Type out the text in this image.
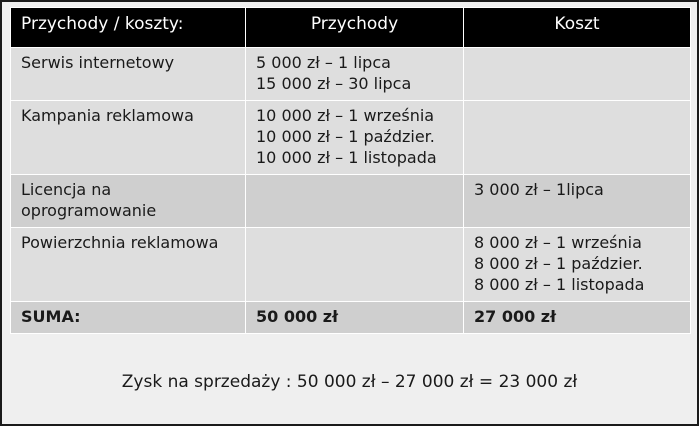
Przychody / koszty:	Przychody	Koszt
Serwis internetowy	5 000 zł – 1 lipca
15 000 zł – 30 lipca	

Kampania reklamowa	10 000 zł – 1 września
10 000 zł – 1 paździer.
10 000 zł – 1 listopada	

Licencja na oprogramowanie		3 000 zł – 1lipca

Powierzchnia reklamowa		8 000 zł – 1 września
8 000 zł – 1 paździer.
8 000 zł – 1 listopada

SUMA:	50 000 zł	27 000 zł
Zysk na sprzedaży : 50 000 zł – 27 000 zł = 23 000 zł
